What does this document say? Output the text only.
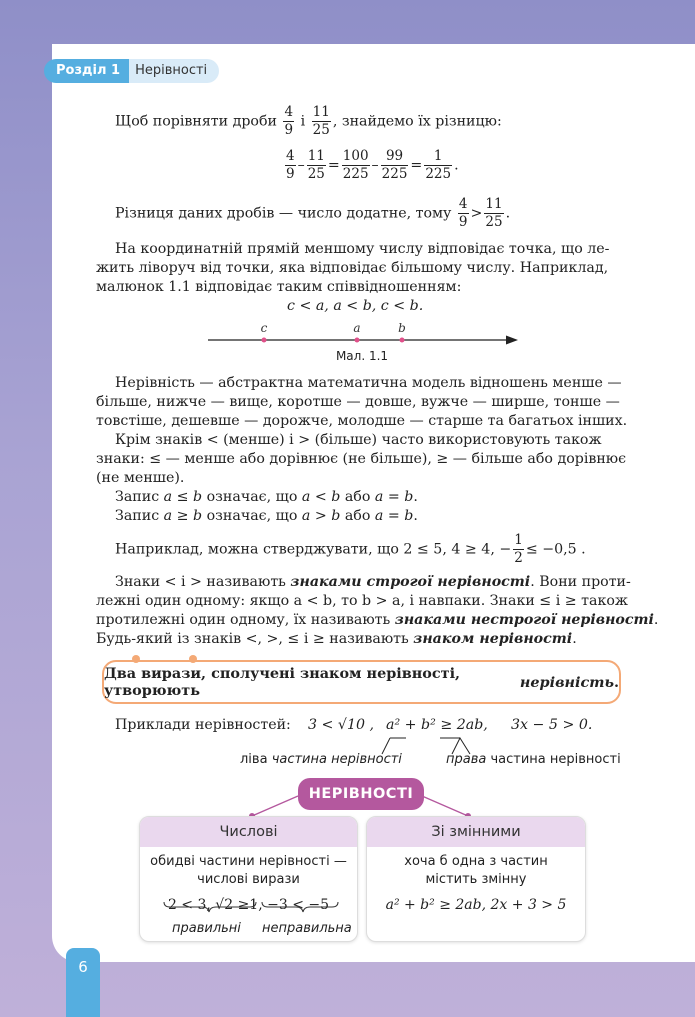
Розділ 1	Нерівності
Щоб порівняти дроби $\frac{4}{9}$ і $\frac{11}{25}$ , знайдемо їх різницю:
$\frac{4}{9} - \frac{11}{25} = \frac{100}{225} - \frac{99}{225} = \frac{1}{225}$ .
Різниця даних дробів — число додатне, тому $\frac{4}{9} > \frac{11}{25}$ .
На координатній прямій меншому числу відповідає точка, що ле-
жить ліворуч від точки, яка відповідає більшому числу. Наприклад,
малюнок 1.1 відповідає таким співвідношенням:
c < a, a < b, c < b.
c	a	b
Мал. 1.1
Нерівність — абстрактна математична модель відношень менше —
більше, нижче — вище, коротше — довше, вужче — ширше, тонше —
товстіше, дешевше — дорожче, молодше — старше та багатьох інших.
Крім знаків < (менше) і > (більше) часто використовують також
знаки: ≤ — менше або дорівнює (не більше), ≥ — більше або дорівнює
(не менше).
Запис a ≤ b означає, що a < b або a = b.
Запис a ≥ b означає, що a > b або a = b.
Наприклад, можна стверджувати, що 2 ≤ 5, 4 ≥ 4, − $\frac{1}{2} \le -0,5$ .
Знаки < і > називають знаками строгої нерівності. Вони проти-
лежні один одному: якщо a < b, то b > a, і навпаки. Знаки ≤ і ≥ також
протилежні один одному, їх називають знаками нестрогої нерівності.
Будь-який із знаків <, >, ≤ і ≥ називають знаком нерівності.
Два вирази, сполучені знаком нерівності, утворюють	нерівність .
Приклади нерівностей: 3 < √10 , a² + b² ≥ 2ab, 3x − 5 > 0.
ліва частина нерівності	права частина нерівності
НЕРІВНОСТІ
Числові
обидві частини нерівності —
числові вирази
2 < 3, √2 ≥1, −3 < −5
правильні неправильна
Зі змінними
хоча б одна з частин
містить змінну
a² + b² ≥ 2ab, 2x + 3 > 5
6
